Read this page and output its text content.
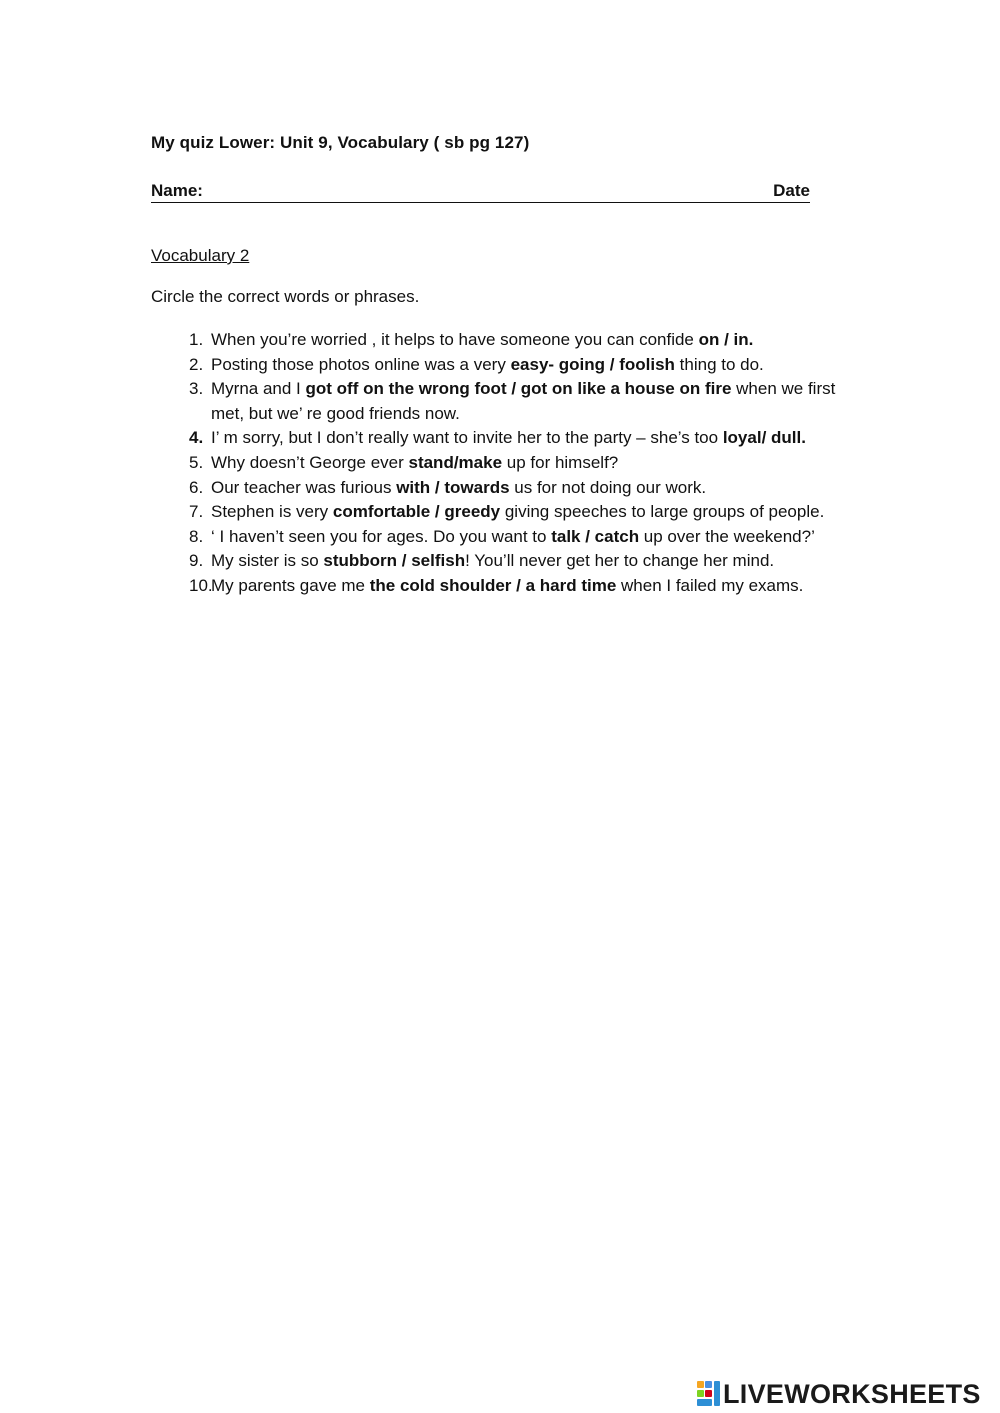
My quiz Lower: Unit 9, Vocabulary ( sb pg 127)
Name:	Date
Vocabulary 2
Circle the correct words or phrases.
1. When you’re worried , it helps to have someone you can confide on / in.
2. Posting those photos online was a very easy- going / foolish thing to do.
3. Myrna and I got off on the wrong foot / got on like a house on fire when we first met, but we’ re good friends now.
4. I’ m sorry, but I don’t really want to invite her to the party – she’s too loyal/ dull.
5. Why doesn’t George ever stand/make up for himself?
6. Our teacher was furious with / towards us for not doing our work.
7. Stephen is very comfortable / greedy giving speeches to large groups of people.
8. ‘ I haven’t seen you for ages. Do you want to talk / catch up over the weekend?’
9. My sister is so stubborn / selfish! You’ll never get her to change her mind.
10.
My parents gave me the cold shoulder / a hard time when I failed my exams.
LIVEWORKSHEETS
